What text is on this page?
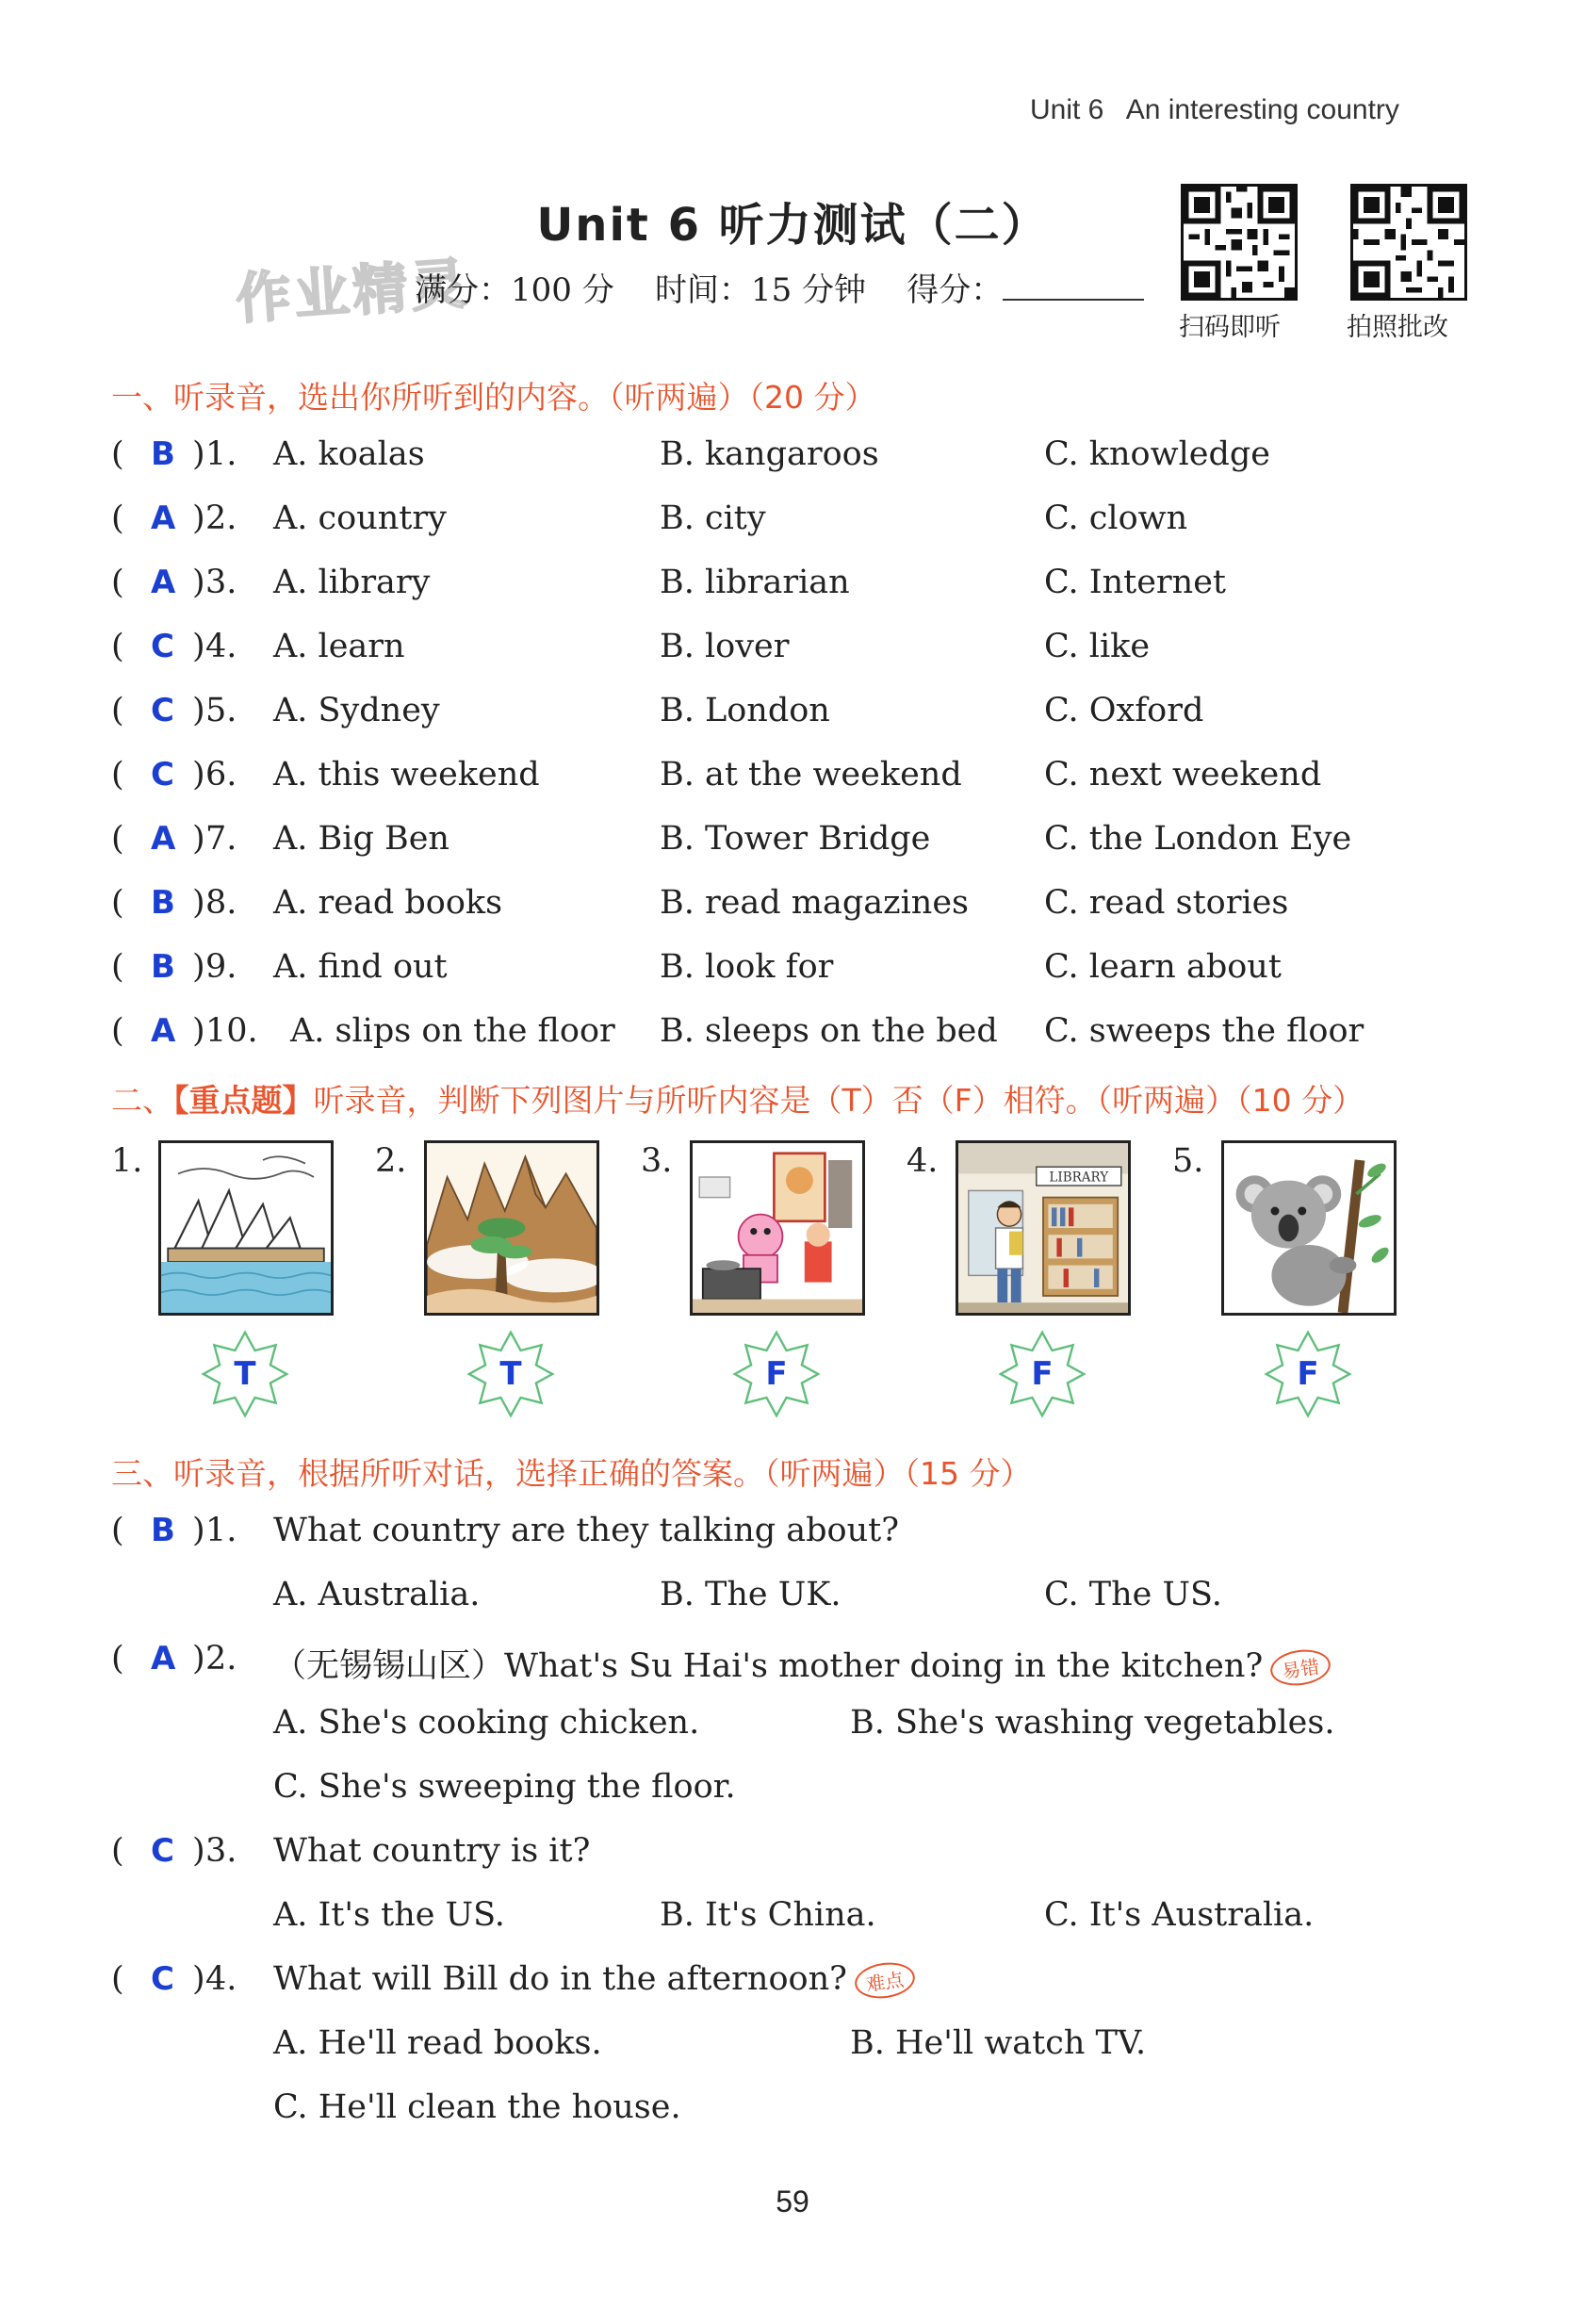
Unit 6 An interesting country
Unit 6 听力测试（二）
作业精灵
满分：100 分 时间：15 分钟 得分：
扫码即听	拍照批改
一、听录音，选出你所听到的内容。（听两遍）（20 分）
( B ) 1. A. koalas	B. kangaroos	C. knowledge
( A ) 2. A. country	B. city	C. clown
( A ) 3. A. library	B. librarian	C. Internet
( C ) 4. A. learn	B. lover	C. like
( C ) 5. A. Sydney	B. London	C. Oxford
( C ) 6. A. this weekend	B. at the weekend C. next weekend
( A ) 7. A. Big Ben	B. Tower Bridge	C. the London Eye
( B ) 8. A. read books	B. read magazines C. read stories
( B ) 9. A. find out	B. look for	C. learn about
( A ) 10. A. slips on the floor B. sleeps on the bed C. sweeps the floor
二、【重点题】听录音，判断下列图片与所听内容是（T）否（F）相符。（听两遍）（10 分）
1.	2.	3.	4.	LIBRARY 5.
T	T	F	F	F
三、听录音，根据所听对话，选择正确的答案。（听两遍）（15 分）
( B ) 1. What country are they talking about?
A. Australia.	B. The UK.	C. The US.
( A ) 2. （无锡锡山区）What's Su Hai's mother doing in the kitchen? 易错
A. She's cooking chicken.	B. She's washing vegetables.
C. She's sweeping the floor.
( C ) 3. What country is it?
A. It's the US.	B. It's China.	C. It's Australia.
( C ) 4. What will Bill do in the afternoon? 难点
A. He'll read books.	B. He'll watch TV.
C. He'll clean the house.
59
